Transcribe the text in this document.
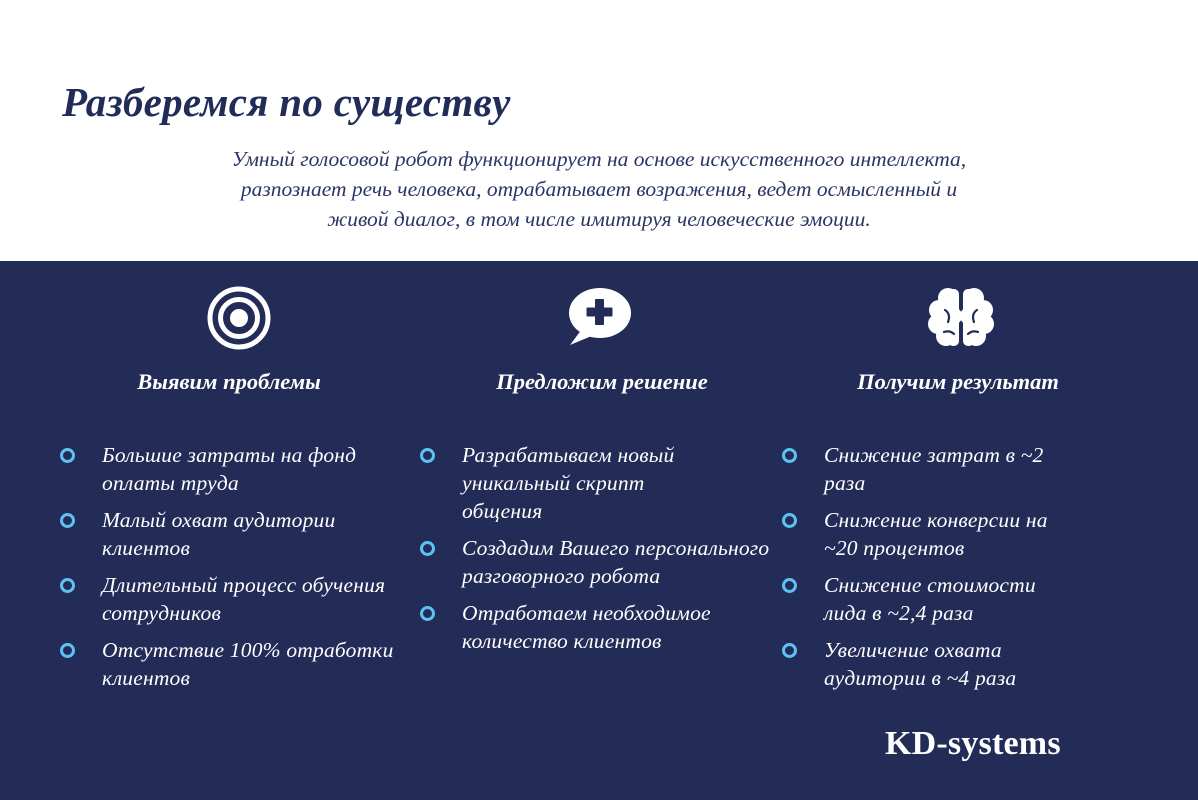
Разберемся по существу

Умный голосовой робот функционирует на основе искусственного интеллекта,
разпознает речь человека, отрабатывает возражения, ведет осмысленный и
живой диалог, в том числе имитируя человеческие эмоции.

Выявим проблемы
Большие затраты на фонд оплаты труда
Малый охват аудитории клиентов
Длительный процесс обучения сотрудников
Отсутствие 100% отработки клиентов
Предложим решение
Разрабатываем новый уникальный скрипт общения
Создадим Вашего персонального разговорного робота
Отработаем необходимое количество клиентов
Получим результат
Снижение затрат в ~2 раза
Снижение конверсии на ~20 процентов
Снижение стоимости лида в ~2,4 раза
Увеличение охвата аудитории в ~4 раза

KD-systems
